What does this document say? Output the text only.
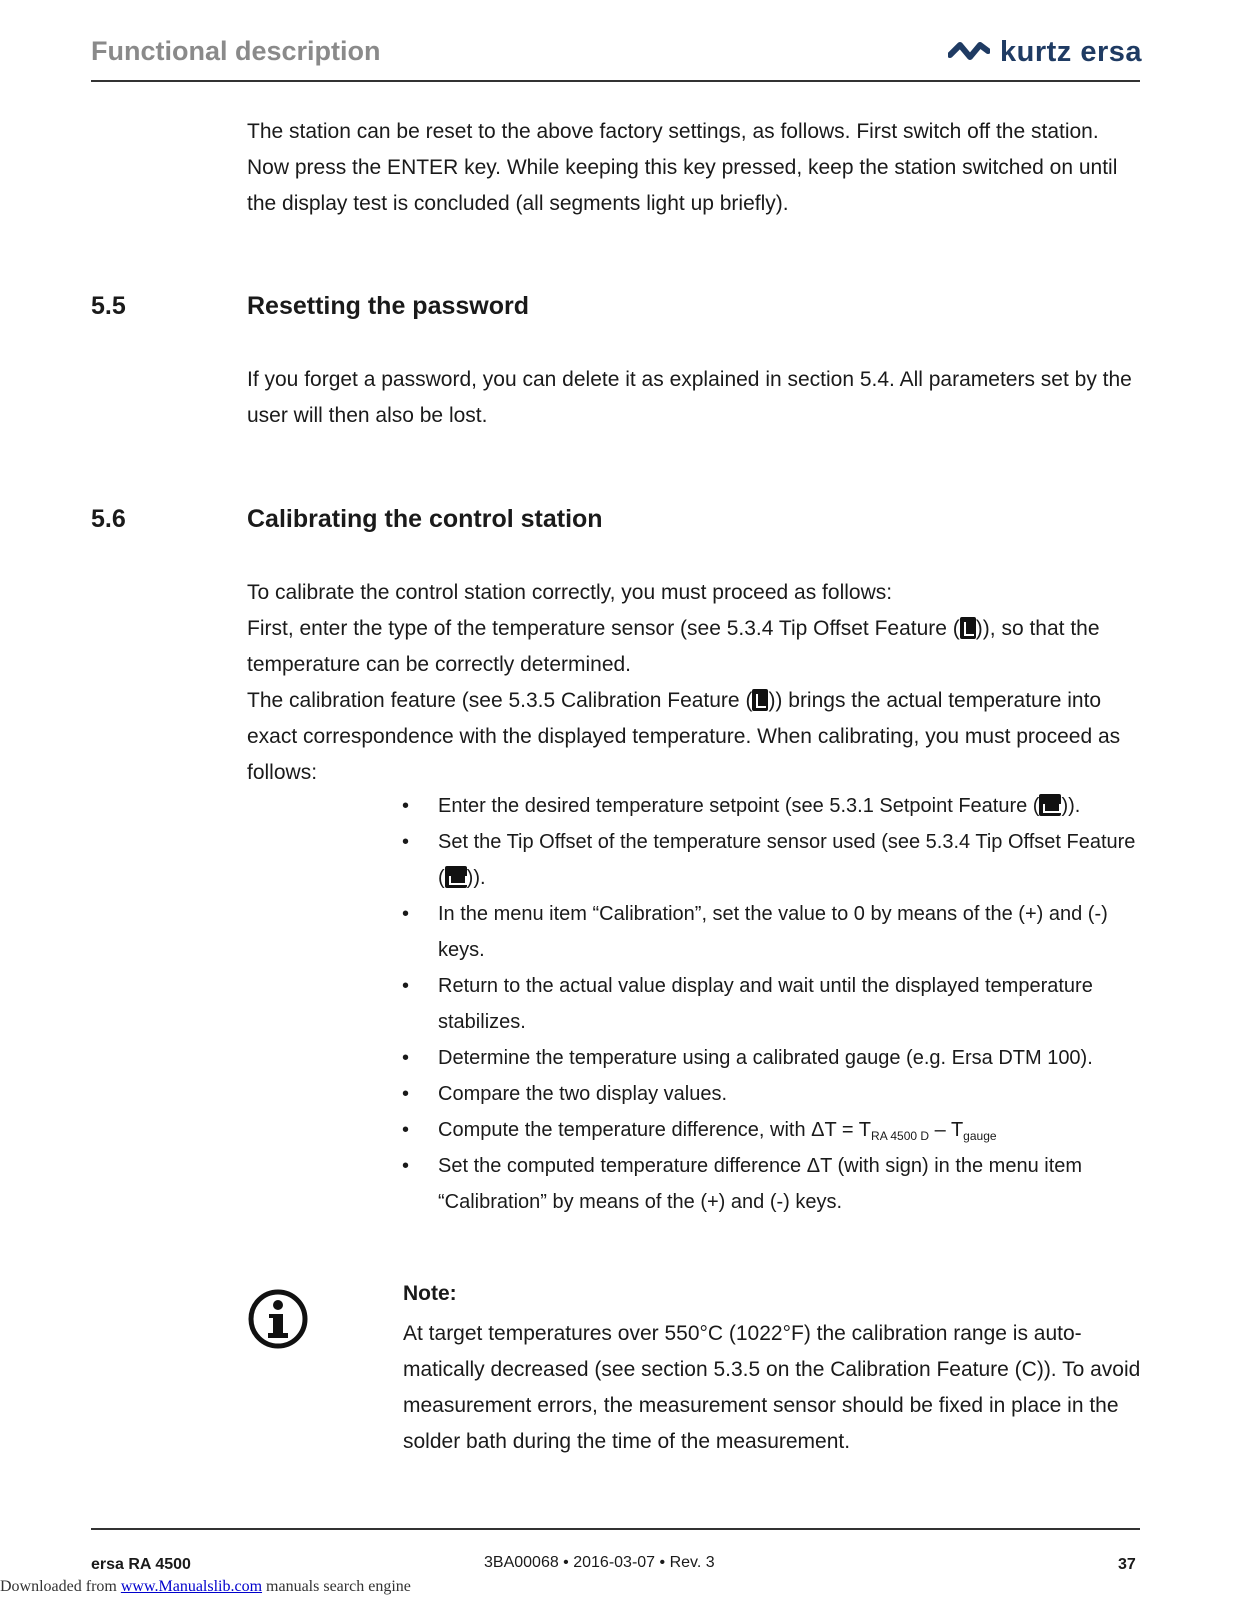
Functional description	kurtz ersa

The station can be reset to the above factory settings, as follows. First switch off the station. Now press the ENTER key. While keeping this key pressed, keep the station switched on until the display test is concluded (all segments light up briefly).

5.5	Resetting the password

If you forget a password, you can delete it as explained in section 5.4. All parameters set by the user will then also be lost.

5.6	Calibrating the control station

To calibrate the control station correctly, you must proceed as follows:

First, enter the type of the temperature sensor (see 5.3.4 Tip Offset Feature ( )), so that the temperature can be correctly determined.

The calibration feature (see 5.3.5 Calibration Feature ( )) brings the actual temperature into exact correspondence with the displayed temperature. When calibrating, you must proceed as follows:

• Enter the desired temperature setpoint (see 5.3.1 Setpoint Feature ( )).
• Set the Tip Offset of the temperature sensor used (see 5.3.4 Tip Offset Feature ( )).
• In the menu item “Calibration”, set the value to 0 by means of the (+) and (-) keys.
• Return to the actual value display and wait until the displayed temperature stabilizes.
• Determine the temperature using a calibrated gauge (e.g. Ersa DTM 100).
• Compare the two display values.
• Compute the temperature difference, with $\Delta T = T_{RA 4500 D} - T_{gauge}$
• Set the computed temperature difference ΔT (with sign) in the menu item “Calibration” by means of the (+) and (-) keys.
Note:
At target temperatures over 550°C (1022°F) the calibration range is automatically decreased (see section 5.3.5 on the Calibration Feature (C)). To avoid measurement errors, the measurement sensor should be fixed in place in the solder bath during the time of the measurement.
ersa RA 4500	3BA00068 • 2016-03-07 • Rev. 3	37
Downloaded from www.Manualslib.com manuals search engine
